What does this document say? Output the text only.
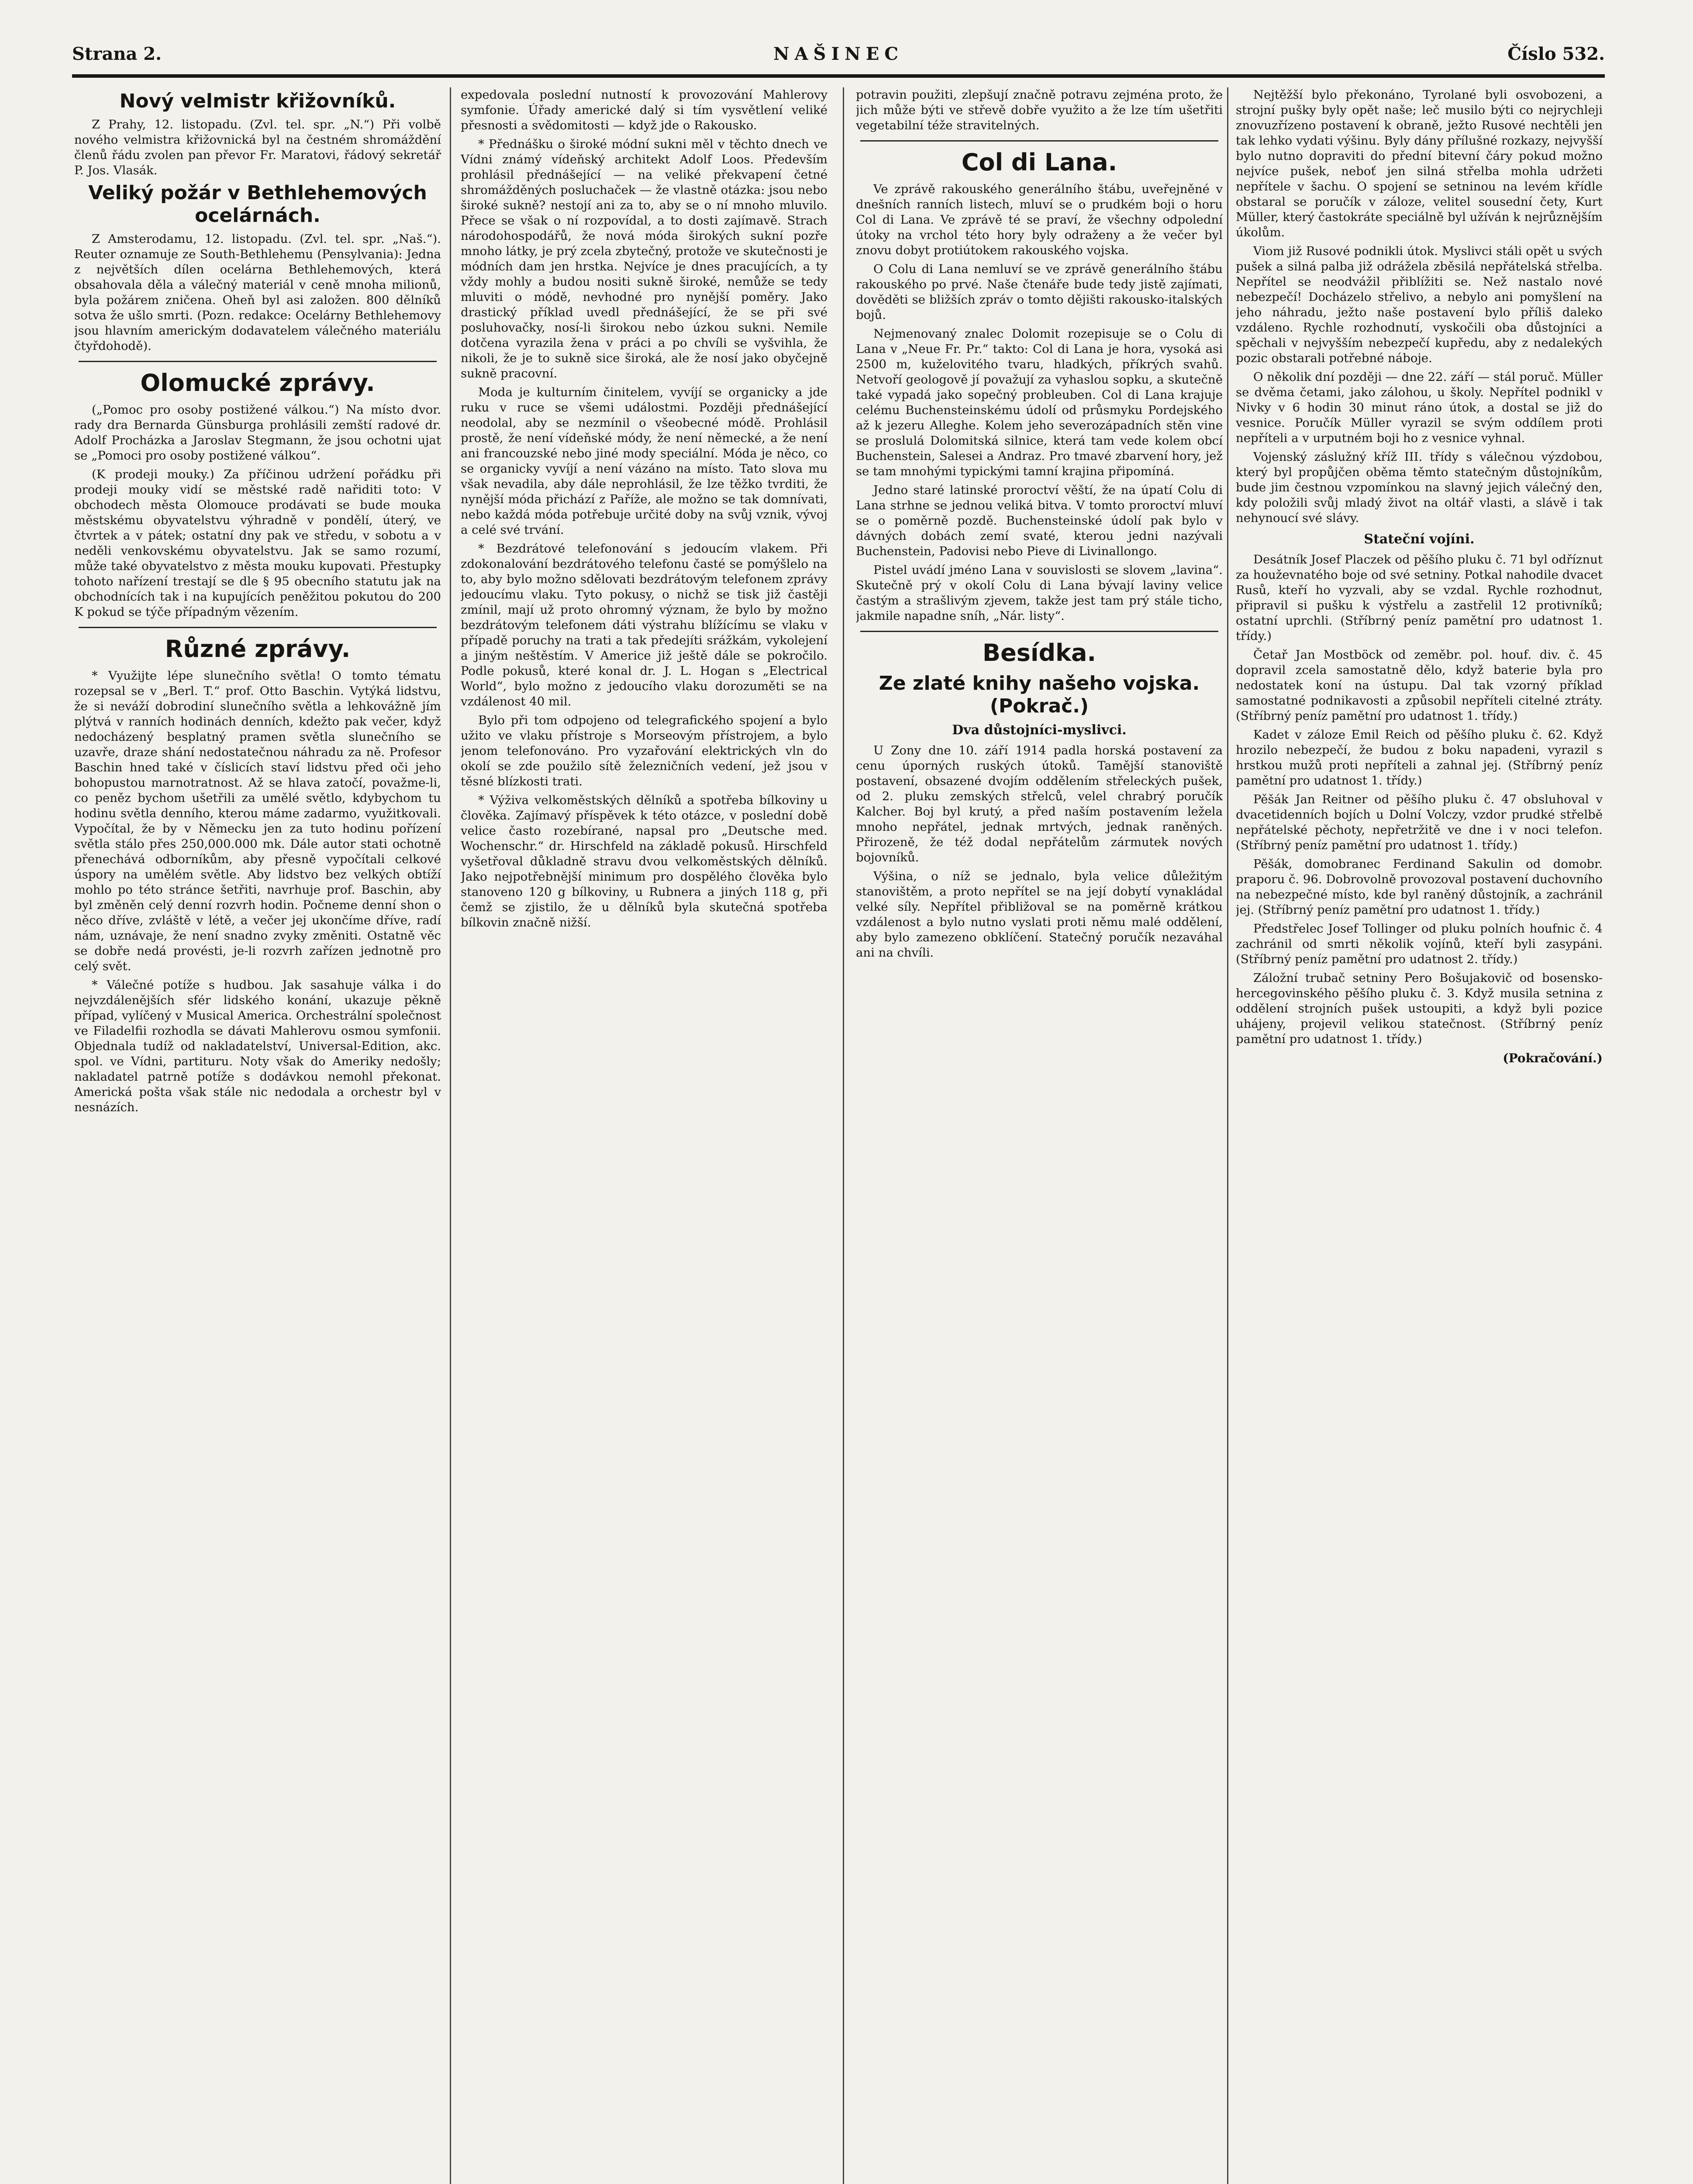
Strana 2.	NAŠINEC	Číslo 532.
Nový velmistr křižovníků.

Z Prahy, 12. listopadu. (Zvl. tel. spr. „N.“) Při volbě nového velmistra křižovnická byl na čestném shromáždění členů řádu zvolen pan převor Fr. Maratovi, řádový sekretář P. Jos. Vlasák.

Veliký požár v Bethlehemových ocelárnách.

Z Amsterodamu, 12. listopadu. (Zvl. tel. spr. „Naš.“). Reuter oznamuje ze South-Bethlehemu (Pensylvania): Jedna z největších dílen ocelárna Bethlehemových, která obsahovala děla a válečný materiál v ceně mnoha milionů, byla požárem zničena. Oheň byl asi založen. 800 dělníků sotva že ušlo smrti. (Pozn. redakce: Ocelárny Bethlehemovy jsou hlavním americkým dodavatelem válečného materiálu čtyřdohodě).

Olomucké zprávy.

(„Pomoc pro osoby postižené válkou.“) Na místo dvor. rady dra Bernarda Günsburga prohlásili zemští radové dr. Adolf Procházka a Jaroslav Stegmann, že jsou ochotni ujat se „Pomoci pro osoby postižené válkou“.

(K prodeji mouky.) Za příčinou udržení pořádku při prodeji mouky vidí se městské radě nařiditi toto: V obchodech města Olomouce prodávati se bude mouka městskému obyvatelstvu výhradně v pondělí, úterý, ve čtvrtek a v pátek; ostatní dny pak ve středu, v sobotu a v neděli venkovskému obyvatelstvu. Jak se samo rozumí, může také obyvatelstvo z města mouku kupovati. Přestupky tohoto nařízení trestají se dle § 95 obecního statutu jak na obchodnících tak i na kupujících peněžitou pokutou do 200 K pokud se týče případným vězením.

Různé zprávy.

* Využijte lépe slunečního světla! O tomto tématu rozepsal se v „Berl. T.“ prof. Otto Baschin. Vytýká lidstvu, že si neváží dobrodiní slunečního světla a lehkovážně jím plýtvá v ranních hodinách denních, kdežto pak večer, když nedocházený besplatný pramen světla slunečního se uzavře, draze shání nedostatečnou náhradu za ně. Profesor Baschin hned také v číslicích staví lidstvu před oči jeho bohopustou marnotratnost. Až se hlava zatočí, považme-li, co peněz bychom ušetřili za umělé světlo, kdybychom tu hodinu světla denního, kterou máme zadarmo, využitkovali. Vypočítal, že by v Německu jen za tuto hodinu pořízení světla stálo přes 250,000.000 mk. Dále autor stati ochotně přenechává odborníkům, aby přesně vypočítali celkové úspory na umělém světle. Aby lidstvo bez velkých obtíží mohlo po této stránce šetřiti, navrhuje prof. Baschin, aby byl změněn celý denní rozvrh hodin. Počneme denní shon o něco dříve, zvláště v létě, a večer jej ukončíme dříve, radí nám, uznávaje, že není snadno zvyky změniti. Ostatně věc se dobře nedá provésti, je-li rozvrh zařízen jednotně pro celý svět.

* Válečné potíže s hudbou. Jak sasahuje válka i do nejvzdálenějších sfér lidského konání, ukazuje pěkně případ, vylíčený v Musical America. Orchestrální společnost ve Filadelfii rozhodla se dávati Mahlerovu osmou symfonii. Objednala tudíž od nakladatelství, Universal-Edition, akc. spol. ve Vídni, partituru. Noty však do Ameriky nedošly; nakladatel patrně potíže s dodávkou nemohl překonat. Americká pošta však stále nic nedodala a orchestr byl v nesnázích.

expedovala poslední nutností k provozování Mahlerovy symfonie. Úřady americké dalý si tím vysvětlení veliké přesnosti a svědomitosti — když jde o Rakousko.

* Přednášku o široké módní sukni měl v těchto dnech ve Vídni známý vídeňský architekt Adolf Loos. Především prohlásil přednášející — na veliké překvapení četné shromážděných posluchaček — že vlastně otázka: jsou nebo široké sukně? nestojí ani za to, aby se o ní mnoho mluvilo. Přece se však o ní rozpovídal, a to dosti zajímavě. Strach národohospodářů, že nová móda širokých sukní pozře mnoho látky, je prý zcela zbytečný, protože ve skutečnosti je módních dam jen hrstka. Nejvíce je dnes pracujících, a ty vždy mohly a budou nositi sukně široké, nemůže se tedy mluviti o módě, nevhodné pro nynější poměry. Jako drastický příklad uvedl přednášející, že se při své posluhovačky, nosí-li širokou nebo úzkou sukni. Nemile dotčena vyrazila žena v práci a po chvíli se vyšvihla, že nikoli, že je to sukně sice široká, ale že nosí jako obyčejně sukně pracovní.

Moda je kulturním činitelem, vyvíjí se organicky a jde ruku v ruce se všemi událostmi. Později přednášející neodolal, aby se nezmínil o všeobecné módě. Prohlásil prostě, že není vídeňské módy, že není německé, a že není ani francouzské nebo jiné mody speciální. Móda je něco, co se organicky vyvíjí a není vázáno na místo. Tato slova mu však nevadila, aby dále neprohlásil, že lze těžko tvrditi, že nynější móda přichází z Paříže, ale možno se tak domnívati, nebo každá móda potřebuje určité doby na svůj vznik, vývoj a celé své trvání.

* Bezdrátové telefonování s jedoucím vlakem. Při zdokonalování bezdrátového telefonu časté se pomýšlelo na to, aby bylo možno sdělovati bezdrátovým telefonem zprávy jedoucímu vlaku. Tyto pokusy, o nichž se tisk již častěji zmínil, mají už proto ohromný význam, že bylo by možno bezdrátovým telefonem dáti výstrahu blížícímu se vlaku v případě poruchy na trati a tak předejíti srážkám, vykolejení a jiným neštěstím. V Americe již ještě dále se pokročilo. Podle pokusů, které konal dr. J. L. Hogan s „Electrical World“, bylo možno z jedoucího vlaku dorozuměti se na vzdálenost 40 mil.

Bylo při tom odpojeno od telegrafického spojení a bylo užito ve vlaku přístroje s Morseovým přístrojem, a bylo jenom telefonováno. Pro vyzařování elektrických vln do okolí se zde použilo sítě železničních vedení, jež jsou v těsné blízkosti trati.

* Výživa velkoměstských dělníků a spotřeba bílkoviny u člověka. Zajímavý příspěvek k této otázce, v poslední době velice často rozebírané, napsal pro „Deutsche med. Wochenschr.“ dr. Hirschfeld na základě pokusů. Hirschfeld vyšetřoval důkladně stravu dvou velkoměstských dělníků. Jako nejpotřebnější minimum pro dospělého člověka bylo stanoveno 120 g bílkoviny, u Rubnera a jiných 118 g, při čemž se zjistilo, že u dělníků byla skutečná spotřeba bílkovin značně nižší.

potravin použiti, zlepšují značně potravu zejména proto, že jich může býti ve střevě dobře využito a že lze tím ušetřiti vegetabilní téže stravitelných.

Col di Lana.

Ve zprávě rakouského generálního štábu, uveřejněné v dnešních ranních listech, mluví se o prudkém boji o horu Col di Lana. Ve zprávě té se praví, že všechny odpolední útoky na vrchol této hory byly odraženy a že večer byl znovu dobyt protiútokem rakouského vojska.

O Colu di Lana nemluví se ve zprávě generálního štábu rakouského po prvé. Naše čtenáře bude tedy jistě zajímati, dověděti se bližších zpráv o tomto dějišti rakousko-italských bojů.

Nejmenovaný znalec Dolomit rozepisuje se o Colu di Lana v „Neue Fr. Pr.“ takto: Col di Lana je hora, vysoká asi 2500 m, kuželovitého tvaru, hladkých, příkrých svahů. Netvoří geologově jí považují za vyhaslou sopku, a skutečně také vypadá jako sopečný probleuben. Col di Lana krajuje celému Buchensteinskému údolí od průsmyku Pordejského až k jezeru Alleghe. Kolem jeho severozápadních stěn vine se proslulá Dolomitská silnice, která tam vede kolem obcí Buchenstein, Salesei a Andraz. Pro tmavé zbarvení hory, jež se tam mnohými typickými tamní krajina připomíná.

Jedno staré latinské proroctví věští, že na úpatí Colu di Lana strhne se jednou veliká bitva. V tomto proroctví mluví se o poměrně pozdě. Buchensteinské údolí pak bylo v dávných dobách zemí svaté, kterou jedni nazývali Buchenstein, Padovisi nebo Pieve di Livinallongo.

Pistel uvádí jméno Lana v souvislosti se slovem „lavina“. Skutečně prý v okolí Colu di Lana bývají laviny velice častým a strašlivým zjevem, takže jest tam prý stále ticho, jakmile napadne sníh, „Nár. listy“.

Besídka.
Ze zlaté knihy našeho vojska. (Pokrač.)
Dva důstojníci-myslivci.

U Zony dne 10. září 1914 padla horská postavení za cenu úporných ruských útoků. Tamější stanoviště postavení, obsazené dvojím oddělením střeleckých pušek, od 2. pluku zemských střelců, velel chrabrý poručík Kalcher. Boj byl krutý, a před naším postavením ležela mnoho nepřátel, jednak mrtvých, jednak raněných. Přirozeně, že též dodal nepřátelům zármutek nových bojovníků.

Výšina, o níž se jednalo, byla velice důležitým stanovištěm, a proto nepřítel se na její dobytí vynakládal velké síly. Nepřítel přibližoval se na poměrně krátkou vzdálenost a bylo nutno vyslati proti němu malé oddělení, aby bylo zamezeno obklíčení. Statečný poručík nezaváhal ani na chvíli.

Nejtěžší bylo překonáno, Tyrolané byli osvobozeni, a strojní pušky byly opět naše; leč musilo býti co nejrychleji znovuzřízeno postavení k obraně, ježto Rusové nechtěli jen tak lehko vydati výšinu. Byly dány přílušné rozkazy, nejvyšší bylo nutno dopraviti do přední bitevní čáry pokud možno nejvíce pušek, neboť jen silná střelba mohla udržeti nepřítele v šachu. O spojení se setninou na levém křídle obstaral se poručík v záloze, velitel sousední čety, Kurt Müller, který častokráte speciálně byl užíván k nejrůznějším úkolům.

Viom již Rusové podnikli útok. Myslivci stáli opět u svých pušek a silná palba již odrážela zběsilá nepřátelská střelba. Nepřítel se neodvážil přiblížiti se. Než nastalo nové nebezpečí! Docházelo střelivo, a nebylo ani pomyšlení na jeho náhradu, ježto naše postavení bylo příliš daleko vzdáleno. Rychle rozhodnutí, vyskočili oba důstojníci a spěchali v nejvyšším nebezpečí kupředu, aby z nedalekých pozic obstarali potřebné náboje.

O několik dní později — dne 22. září — stál poruč. Müller se dvěma četami, jako zálohou, u školy. Nepřítel podnikl v Nivky v 6 hodin 30 minut ráno útok, a dostal se již do vesnice. Poručík Müller vyrazil se svým oddílem proti nepříteli a v urputném boji ho z vesnice vyhnal.

Vojenský záslužný kříž III. třídy s válečnou výzdobou, který byl propůjčen oběma těmto statečným důstojníkům, bude jim čestnou vzpomínkou na slavný jejich válečný den, kdy položili svůj mladý život na oltář vlasti, a slávě i tak nehynoucí své slávy.

Stateční vojíni.

Desátník Josef Placzek od pěšího pluku č. 71 byl odříznut za houževnatého boje od své setniny. Potkal nahodile dvacet Rusů, kteří ho vyzvali, aby se vzdal. Rychle rozhodnut, připravil si pušku k výstřelu a zastřelil 12 protivníků; ostatní uprchli. (Stříbrný peníz pamětní pro udatnost 1. třídy.)

Četař Jan Mostböck od zeměbr. pol. houf. div. č. 45 dopravil zcela samostatně dělo, když baterie byla pro nedostatek koní na ústupu. Dal tak vzorný příklad samostatné podnikavosti a způsobil nepříteli citelné ztráty. (Stříbrný peníz pamětní pro udatnost 1. třídy.)

Kadet v záloze Emil Reich od pěšího pluku č. 62. Když hrozilo nebezpečí, že budou z boku napadeni, vyrazil s hrstkou mužů proti nepříteli a zahnal jej. (Stříbrný peníz pamětní pro udatnost 1. třídy.)

Pěšák Jan Reitner od pěšího pluku č. 47 obsluhoval v dvacetidenních bojích u Dolní Volczy, vzdor prudké střelbě nepřátelské pěchoty, nepřetržitě ve dne i v noci telefon. (Stříbrný peníz pamětní pro udatnost 1. třídy.)

Pěšák, domobranec Ferdinand Sakulin od domobr. praporu č. 96. Dobrovolně provozoval postavení duchovního na nebezpečné místo, kde byl raněný důstojník, a zachránil jej. (Stříbrný peníz pamětní pro udatnost 1. třídy.)

Předstřelec Josef Tollinger od pluku polních houfnic č. 4 zachránil od smrti několik vojínů, kteří byli zasypáni. (Stříbrný peníz pamětní pro udatnost 2. třídy.)

Záložní trubač setniny Pero Bošujakovič od bosensko-hercegovinského pěšího pluku č. 3. Když musila setnina z oddělení strojních pušek ustoupiti, a když byli pozice uhájeny, projevil velikou statečnost. (Stříbrný peníz pamětní pro udatnost 1. třídy.)

(Pokračování.)
